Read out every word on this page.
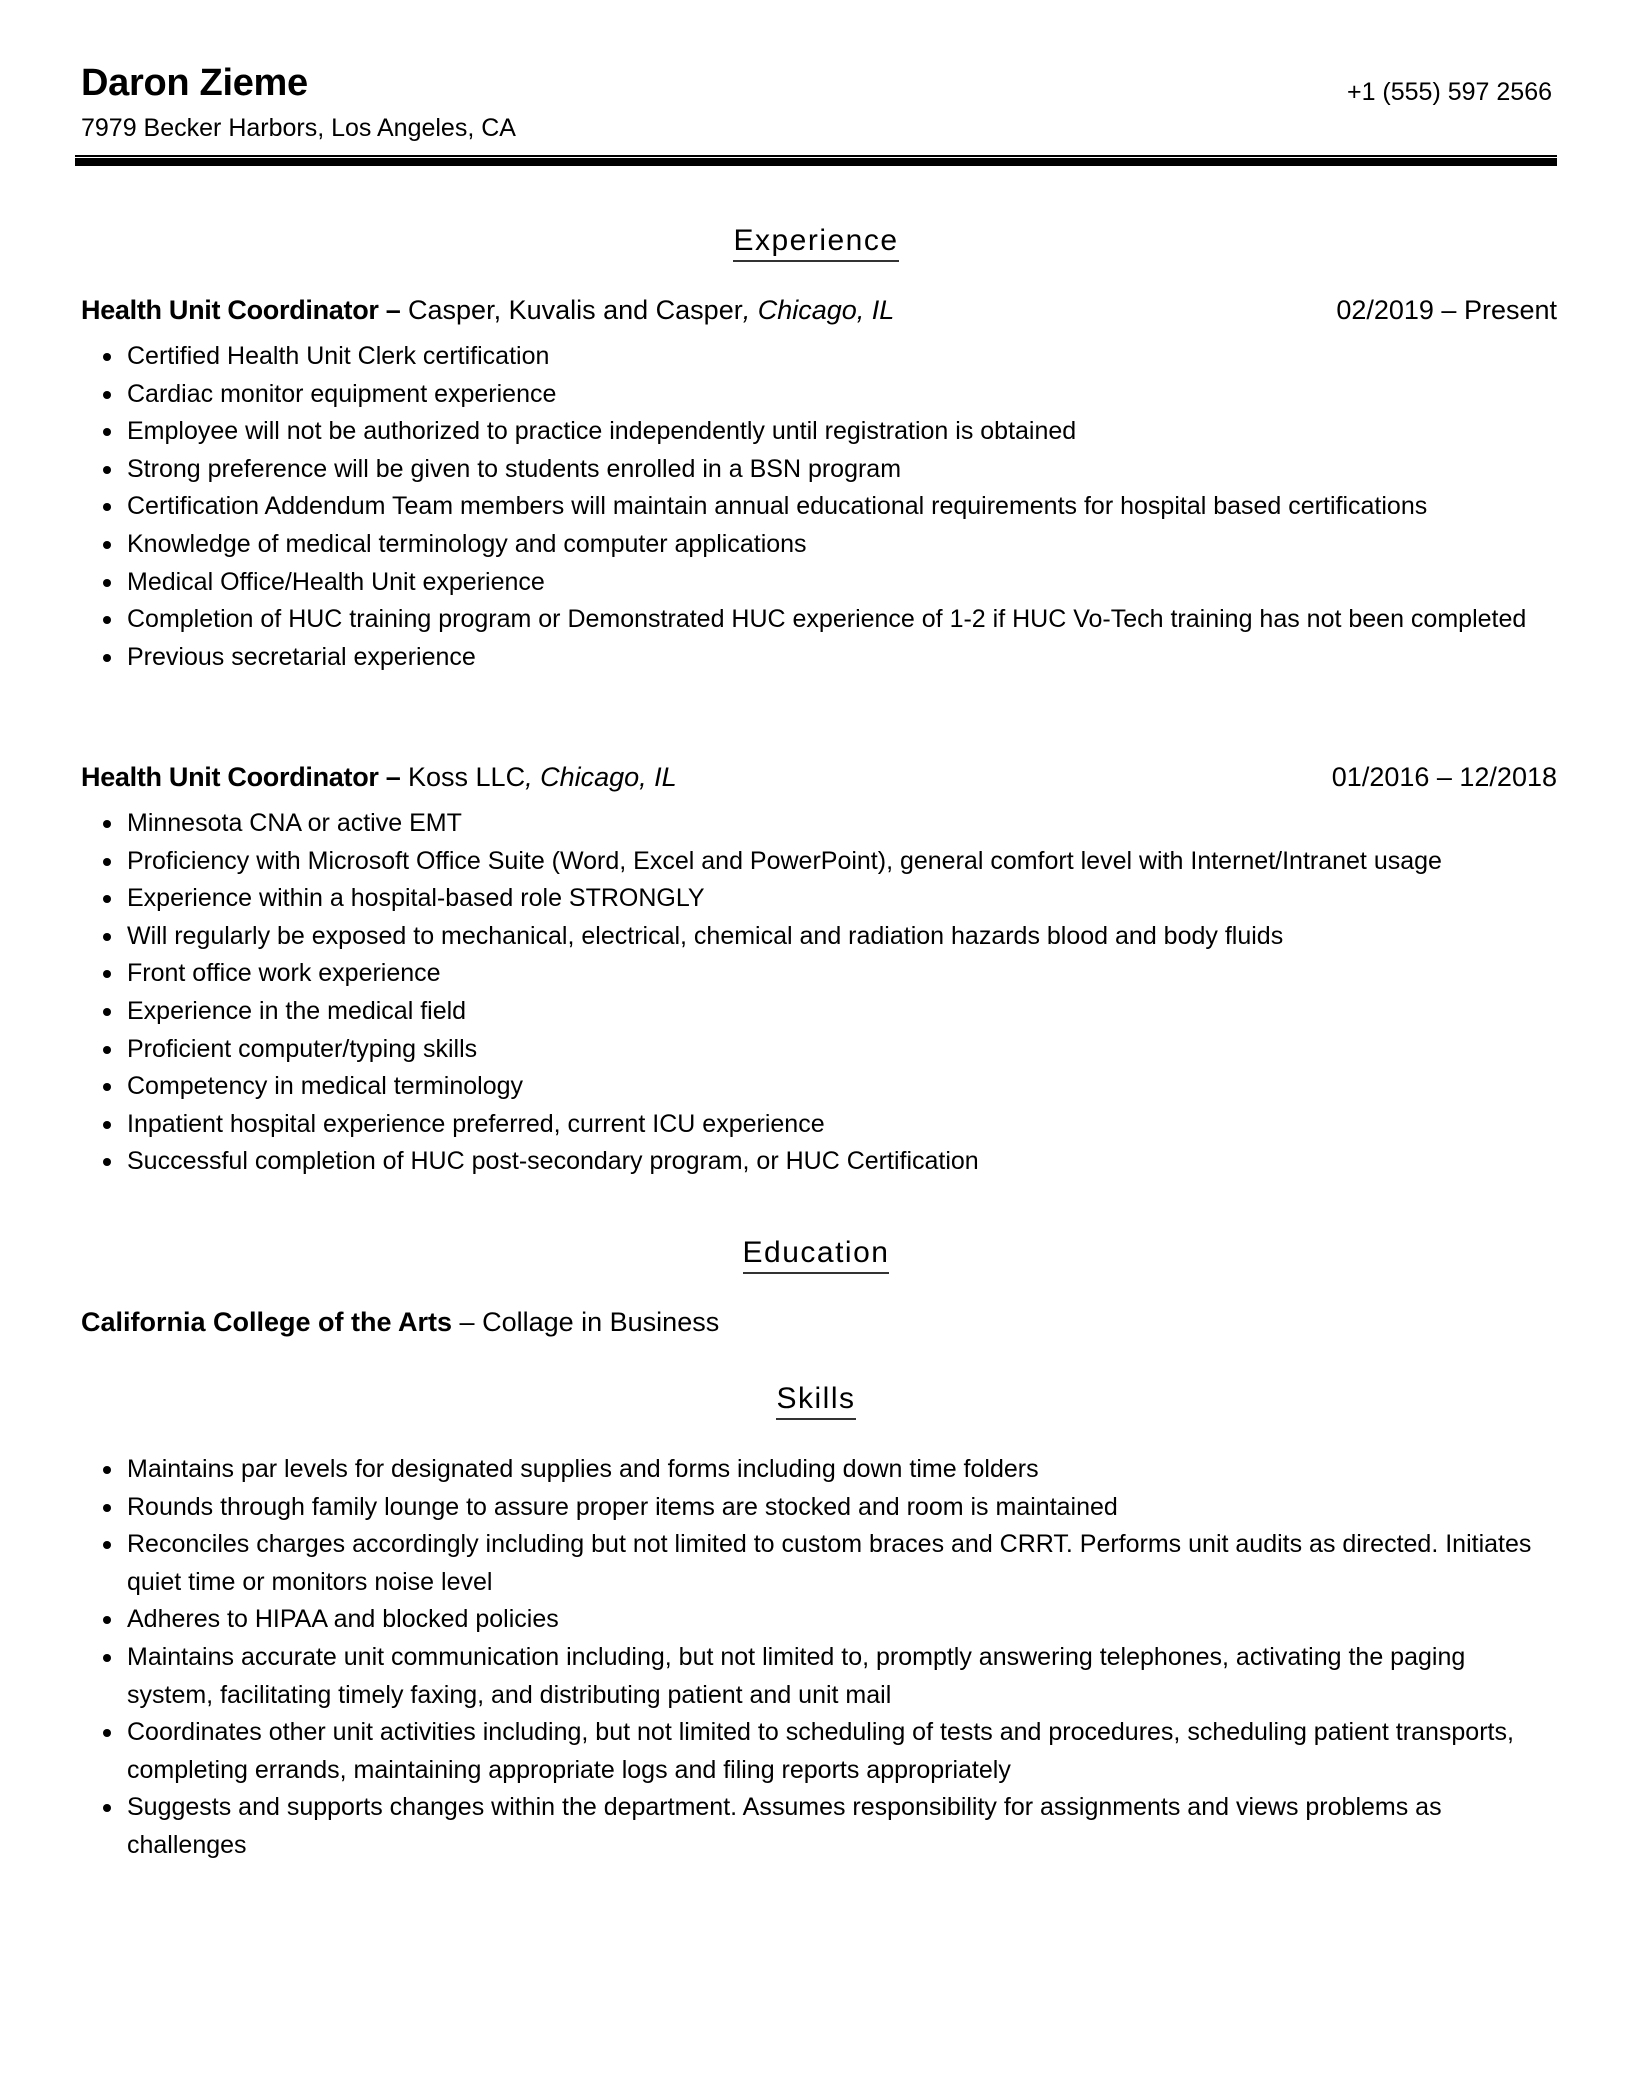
Daron Zieme
7979 Becker Harbors, Los Angeles, CA
+1 (555) 597 2566
Experience
Health Unit Coordinator – Casper, Kuvalis and Casper, Chicago, IL	02/2019 – Present
Certified Health Unit Clerk certification
Cardiac monitor equipment experience
Employee will not be authorized to practice independently until registration is obtained
Strong preference will be given to students enrolled in a BSN program
Certification Addendum Team members will maintain annual educational requirements for hospital based certifications
Knowledge of medical terminology and computer applications
Medical Office/Health Unit experience
Completion of HUC training program or Demonstrated HUC experience of 1-2 if HUC Vo-Tech training has not been completed
Previous secretarial experience
Health Unit Coordinator – Koss LLC, Chicago, IL	01/2016 – 12/2018
Minnesota CNA or active EMT
Proficiency with Microsoft Office Suite (Word, Excel and PowerPoint), general comfort level with Internet/Intranet usage
Experience within a hospital-based role STRONGLY
Will regularly be exposed to mechanical, electrical, chemical and radiation hazards blood and body fluids
Front office work experience
Experience in the medical field
Proficient computer/typing skills
Competency in medical terminology
Inpatient hospital experience preferred, current ICU experience
Successful completion of HUC post-secondary program, or HUC Certification
Education
California College of the Arts – Collage in Business
Skills
Maintains par levels for designated supplies and forms including down time folders
Rounds through family lounge to assure proper items are stocked and room is maintained
Reconciles charges accordingly including but not limited to custom braces and CRRT. Performs unit audits as directed. Initiates quiet time or monitors noise level
Adheres to HIPAA and blocked policies
Maintains accurate unit communication including, but not limited to, promptly answering telephones, activating the paging system, facilitating timely faxing, and distributing patient and unit mail
Coordinates other unit activities including, but not limited to scheduling of tests and procedures, scheduling patient transports, completing errands, maintaining appropriate logs and filing reports appropriately
Suggests and supports changes within the department. Assumes responsibility for assignments and views problems as challenges
